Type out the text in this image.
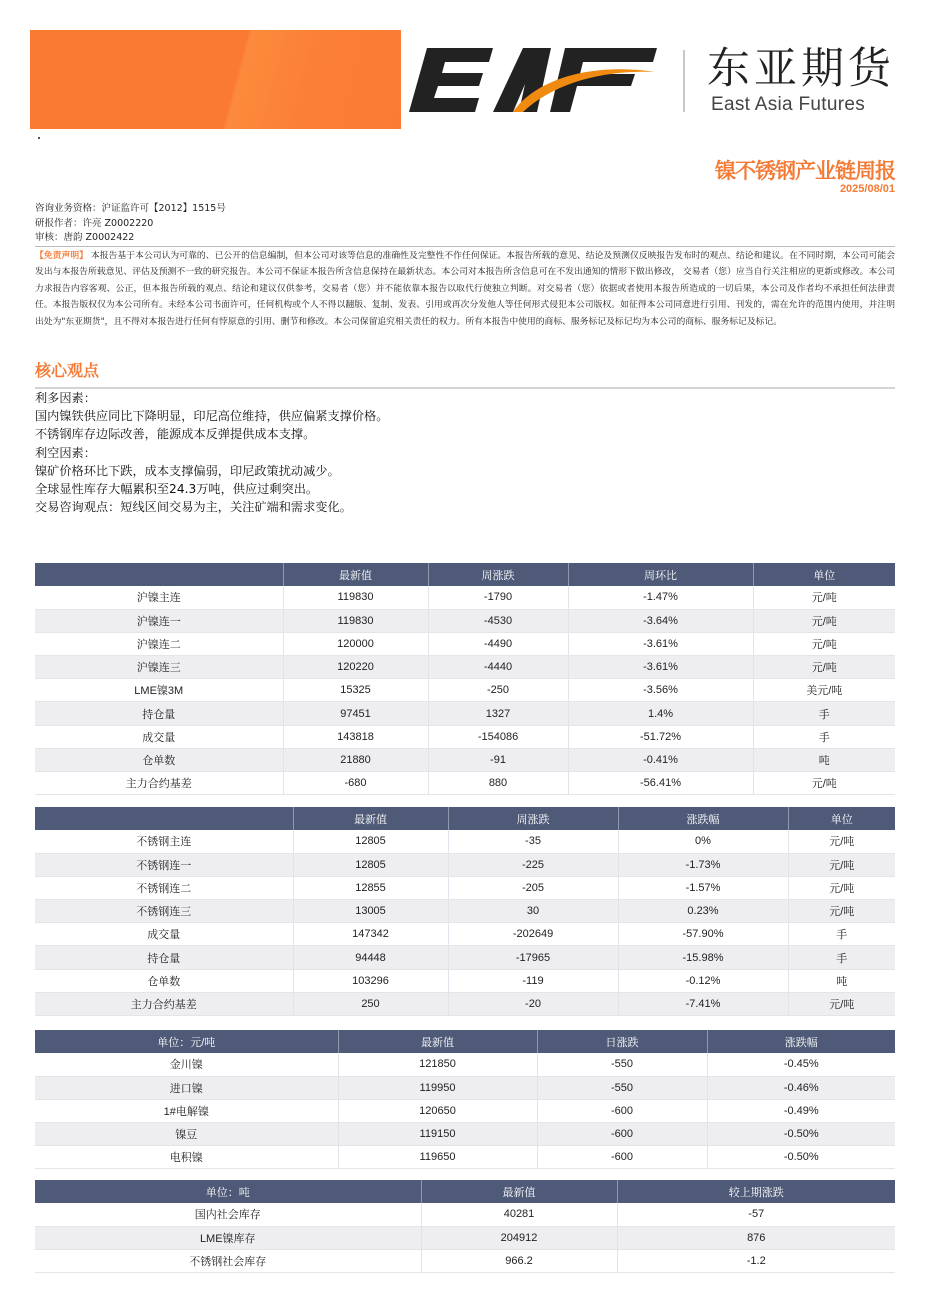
东亚期货
East Asia Futures
镍不锈钢产业链周报
2025/08/01
咨询业务资格：沪证监许可【2012】1515号
研报作者：许亮 Z0002220
审核：唐韵 Z0002422
【免责声明】 本报告基于本公司认为可靠的、已公开的信息编制，但本公司对该等信息的准确性及完整性不作任何保证。本报告所载的意见、结论及预测仅反映报告发布时的观点、结论和建议。在不同时期，本公司可能会发出与本报告所载意见、评估及预测不一致的研究报告。本公司不保证本报告所含信息保持在最新状态。本公司对本报告所含信息可在不发出通知的情形下做出修改， 交易者（您）应当自行关注相应的更新或修改。本公司力求报告内容客观、公正，但本报告所载的观点、结论和建议仅供参考，交易者（您）并不能依靠本报告以取代行使独立判断。对交易者（您）依据或者使用本报告所造成的一切后果，本公司及作者均不承担任何法律责任。本报告版权仅为本公司所有。未经本公司书面许可，任何机构或个人不得以翻版、复制、发表、引用或再次分发他人等任何形式侵犯本公司版权。如征得本公司同意进行引用、刊发的，需在允许的范围内使用，并注明出处为"东亚期货"，且不得对本报告进行任何有悖原意的引用、删节和修改。本公司保留追究相关责任的权力。所有本报告中使用的商标、服务标记及标记均为本公司的商标、服务标记及标记。
核心观点
利多因素：
国内镍铁供应同比下降明显，印尼高位维持，供应偏紧支撑价格。
不锈钢库存边际改善，能源成本反弹提供成本支撑。
利空因素：
镍矿价格环比下跌，成本支撑偏弱，印尼政策扰动减少。
全球显性库存大幅累积至24.3万吨，供应过剩突出。
交易咨询观点：短线区间交易为主，关注矿端和需求变化。
	最新值	周涨跌	周环比	单位
沪镍主连	119830	-1790	-1.47%	元/吨
沪镍连一	119830	-4530	-3.64%	元/吨
沪镍连二	120000	-4490	-3.61%	元/吨
沪镍连三	120220	-4440	-3.61%	元/吨
LME镍3M	15325	-250	-3.56%	美元/吨
持仓量	97451	1327	1.4%	手
成交量	143818	-154086	-51.72%	手
仓单数	21880	-91	-0.41%	吨
主力合约基差	-680	880	-56.41%	元/吨
	最新值	周涨跌	涨跌幅	单位
不锈钢主连	12805	-35	0%	元/吨
不锈钢连一	12805	-225	-1.73%	元/吨
不锈钢连二	12855	-205	-1.57%	元/吨
不锈钢连三	13005	30	0.23%	元/吨
成交量	147342	-202649	-57.90%	手
持仓量	94448	-17965	-15.98%	手
仓单数	103296	-119	-0.12%	吨
主力合约基差	250	-20	-7.41%	元/吨
单位：元/吨	最新值	日涨跌	涨跌幅
金川镍	121850	-550	-0.45%
进口镍	119950	-550	-0.46%
1#电解镍	120650	-600	-0.49%
镍豆	119150	-600	-0.50%
电积镍	119650	-600	-0.50%
单位：吨	最新值	较上期涨跌
国内社会库存	40281	-57
LME镍库存	204912	876
不锈钢社会库存	966.2	-1.2
